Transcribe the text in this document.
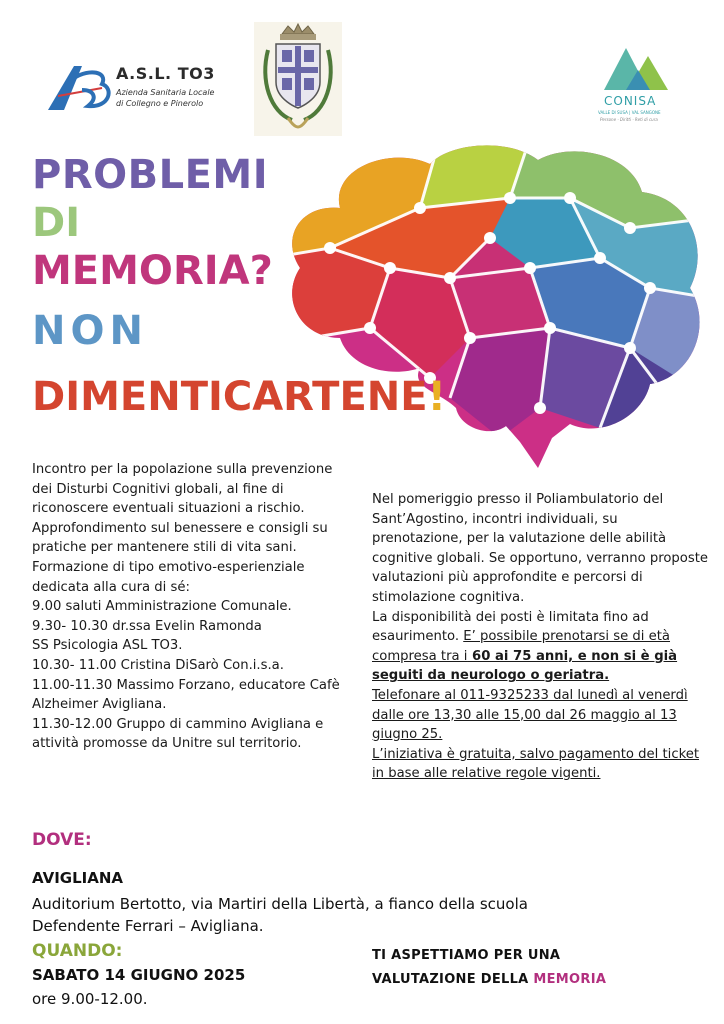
A.S.L. TO3
Azienda Sanitaria Locale
di Collegno e Pinerolo	CONISA
VALLE DI SUSA | VAL SANGONE
Persone · Diritti · Reti di cura
PROBLEMI
DI
MEMORIA?
NON
DIMENTICARTENE!

Incontro per la popolazione sulla prevenzione dei Disturbi Cognitivi globali, al fine di riconoscere eventuali situazioni a rischio.

Approfondimento sul benessere e consigli su pratiche per mantenere stili di vita sani.

Formazione di tipo emotivo-esperienziale dedicata alla cura di sé:

9.00 saluti Amministrazione Comunale.

9.30- 10.30 dr.ssa Evelin Ramonda

SS Psicologia ASL TO3.

10.30- 11.00 Cristina DiSarò Con.i.s.a.

11.00-11.30 Massimo Forzano, educatore Cafè Alzheimer Avigliana.

11.30-12.00 Gruppo di cammino Avigliana e attività promosse da Unitre sul territorio.

Nel pomeriggio presso il Poliambulatorio del Sant’Agostino, incontri individuali, su prenotazione, per la valutazione delle abilità cognitive globali. Se opportuno, verranno proposte valutazioni più approfondite e percorsi di stimolazione cognitiva.

La disponibilità dei posti è limitata fino ad esaurimento. E’ possibile prenotarsi se di età compresa tra i 60 ai 75 anni, e non si è già seguiti da neurologo o geriatra.

Telefonare al 011-9325233 dal lunedì al venerdì dalle ore 13,30 alle 15,00 dal 26 maggio al 13 giugno 25.

L’iniziativa è gratuita, salvo pagamento del ticket in base alle relative regole vigenti.

DOVE:
AVIGLIANA
Auditorium Bertotto, via Martiri della Libertà, a fianco della scuola Defendente Ferrari – Avigliana.
QUANDO:
SABATO 14 GIUGNO 2025
ore 9.00-12.00.
TI ASPETTIAMO PER UNA
VALUTAZIONE DELLA MEMORIA
